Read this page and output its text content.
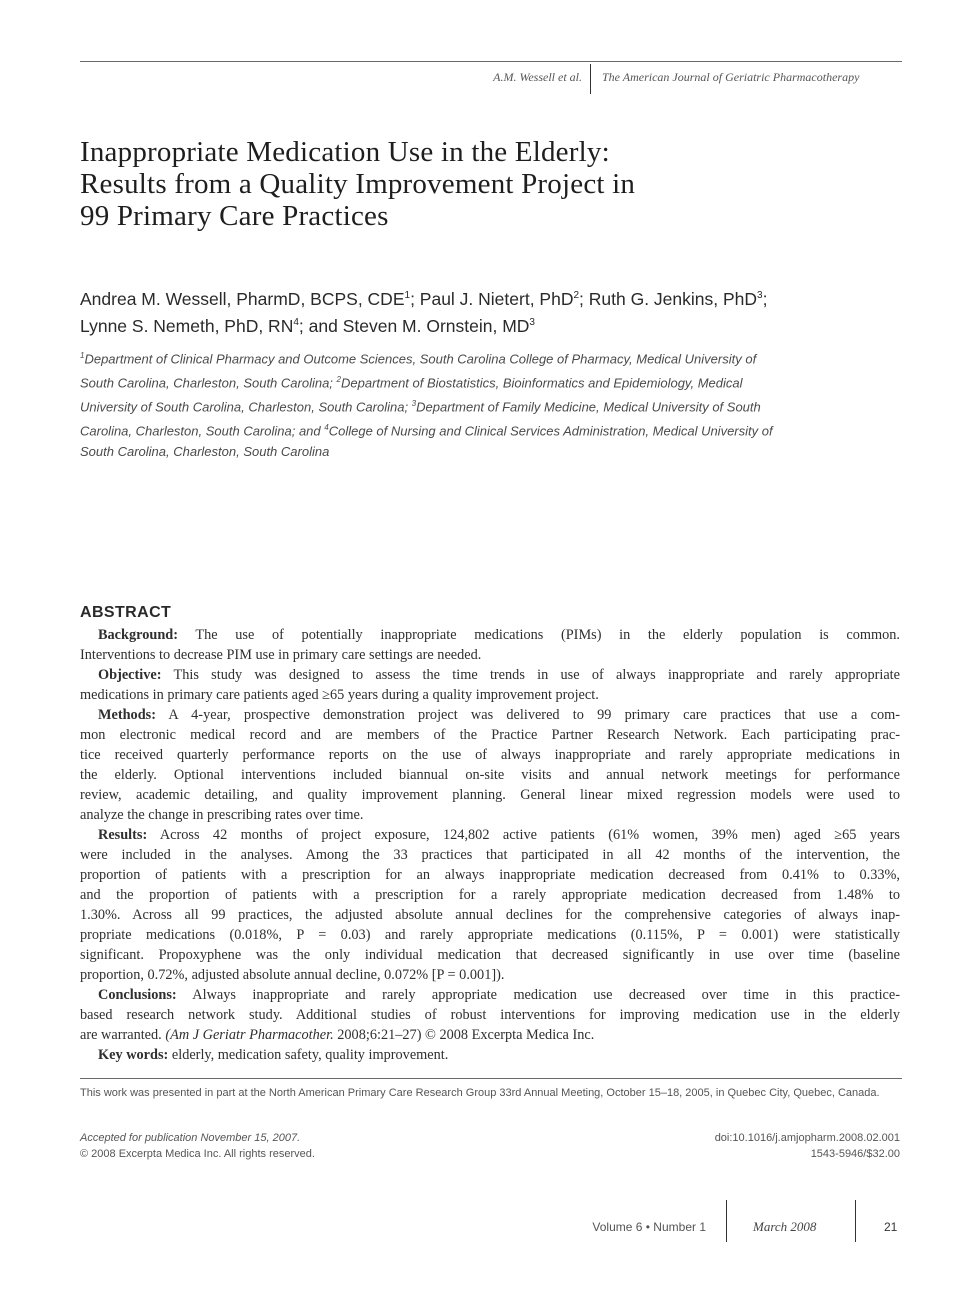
A.M. Wessell et al. The American Journal of Geriatric Pharmacotherapy
Inappropriate Medication Use in the Elderly:
Results from a Quality Improvement Project in
99 Primary Care Practices
Andrea M. Wessell, PharmD, BCPS, CDE$^1$; Paul J. Nietert, PhD$^2$; Ruth G. Jenkins, PhD$^3$;
Lynne S. Nemeth, PhD, $RN^4$; and Steven M. Ornstein, $MD^3$
$^1$Department of Clinical Pharmacy and Outcome Sciences, South Carolina College of Pharmacy, Medical University of
South Carolina, Charleston, South Carolina; $^2$Department of Biostatistics, Bioinformatics and Epidemiology, Medical
University of South Carolina, Charleston, South Carolina; $^3$Department of Family Medicine, Medical University of South
Carolina, Charleston, South Carolina; and $^4$College of Nursing and Clinical Services Administration, Medical University of
South Carolina, Charleston, South Carolina
ABSTRACT
Background: The use of potentially inappropriate medications (PIMs) in the elderly population is common.
Interventions to decrease PIM use in primary care settings are needed.
Objective: This study was designed to assess the time trends in use of always inappropriate and rarely appropriate
medications in primary care patients aged ≥65 years during a quality improvement project.
Methods: A 4-year, prospective demonstration project was delivered to 99 primary care practices that use a com-
mon electronic medical record and are members of the Practice Partner Research Network. Each participating prac-
tice received quarterly performance reports on the use of always inappropriate and rarely appropriate medications in
the elderly. Optional interventions included biannual on-site visits and annual network meetings for performance
review, academic detailing, and quality improvement planning. General linear mixed regression models were used to
analyze the change in prescribing rates over time.
Results: Across 42 months of project exposure, 124,802 active patients (61% women, 39% men) aged ≥65 years
were included in the analyses. Among the 33 practices that participated in all 42 months of the intervention, the
proportion of patients with a prescription for an always inappropriate medication decreased from 0.41% to 0.33%,
and the proportion of patients with a prescription for a rarely appropriate medication decreased from 1.48% to
1.30%. Across all 99 practices, the adjusted absolute annual declines for the comprehensive categories of always inap-
propriate medications (0.018%, P = 0.03) and rarely appropriate medications (0.115%, P = 0.001) were statistically
significant. Propoxyphene was the only individual medication that decreased significantly in use over time (baseline
proportion, 0.72%, adjusted absolute annual decline, 0.072% [P = 0.001]).
Conclusions: Always inappropriate and rarely appropriate medication use decreased over time in this practice-
based research network study. Additional studies of robust interventions for improving medication use in the elderly
are warranted. (Am J Geriatr Pharmacother. 2008;6:21–27) © 2008 Excerpta Medica Inc.
Key words: elderly, medication safety, quality improvement.
This work was presented in part at the North American Primary Care Research Group 33rd Annual Meeting, October 15–18, 2005, in Quebec City, Quebec, Canada.
Accepted for publication November 15, 2007.
© 2008 Excerpta Medica Inc. All rights reserved.
doi:10.1016/j.amjopharm.2008.02.001
1543-5946/$32.00
Volume 6 • Number 1	March 2008	21
